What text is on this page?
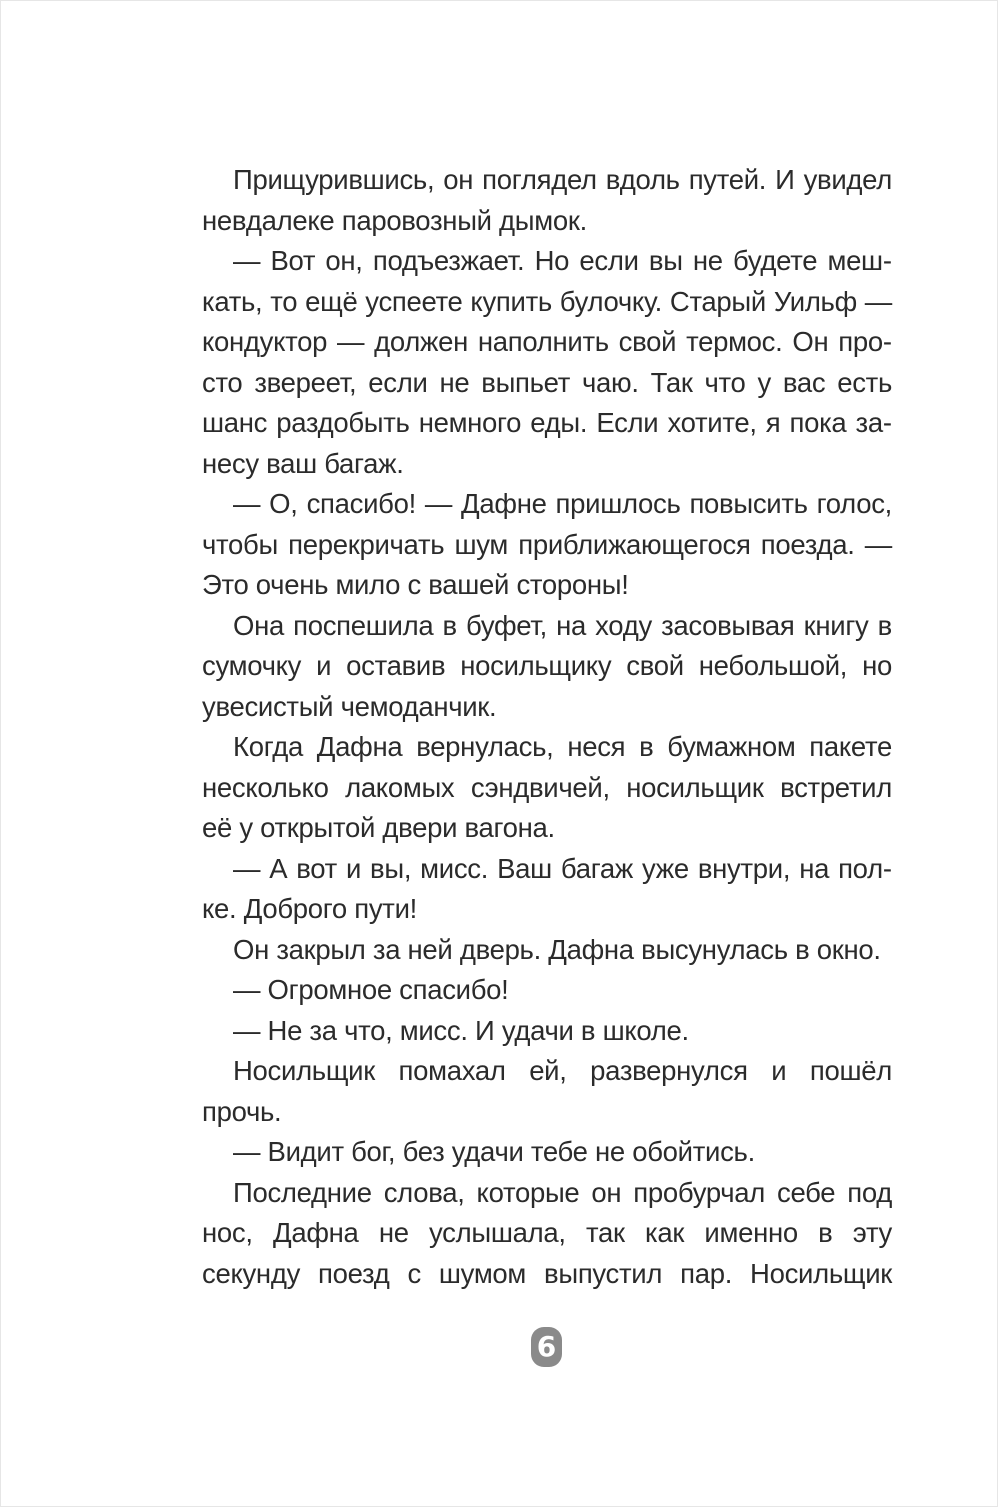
Прищурившись, он поглядел вдоль путей. И увидел невдалеке паровозный дымок.

— Вот он, подъезжает. Но если вы не будете мешкать, то ещё успеете купить булочку. Старый Уильф — кондуктор — должен наполнить свой термос. Он просто звереет, если не выпьет чаю. Так что у вас есть шанс раздобыть немного еды. Если хотите, я пока занесу ваш багаж.

— О, спасибо! — Дафне пришлось повысить голос, чтобы перекричать шум приближающегося поезда. — Это очень мило с вашей стороны!

Она поспешила в буфет, на ходу засовывая книгу в сумочку и оставив носильщику свой небольшой, но увесистый чемоданчик.

Когда Дафна вернулась, неся в бумажном пакете несколько лакомых сэндвичей, носильщик встретил её у открытой двери вагона.

— А вот и вы, мисс. Ваш багаж уже внутри, на полке. Доброго пути!

Он закрыл за ней дверь. Дафна высунулась в окно.

— Огромное спасибо!

— Не за что, мисс. И удачи в школе.

Носильщик помахал ей, развернулся и пошёл прочь.

— Видит бог, без удачи тебе не обойтись.

Последние слова, которые он пробурчал себе под нос, Дафна не услышала, так как именно в эту секунду поезд с шумом выпустил пар. Носильщик

6
